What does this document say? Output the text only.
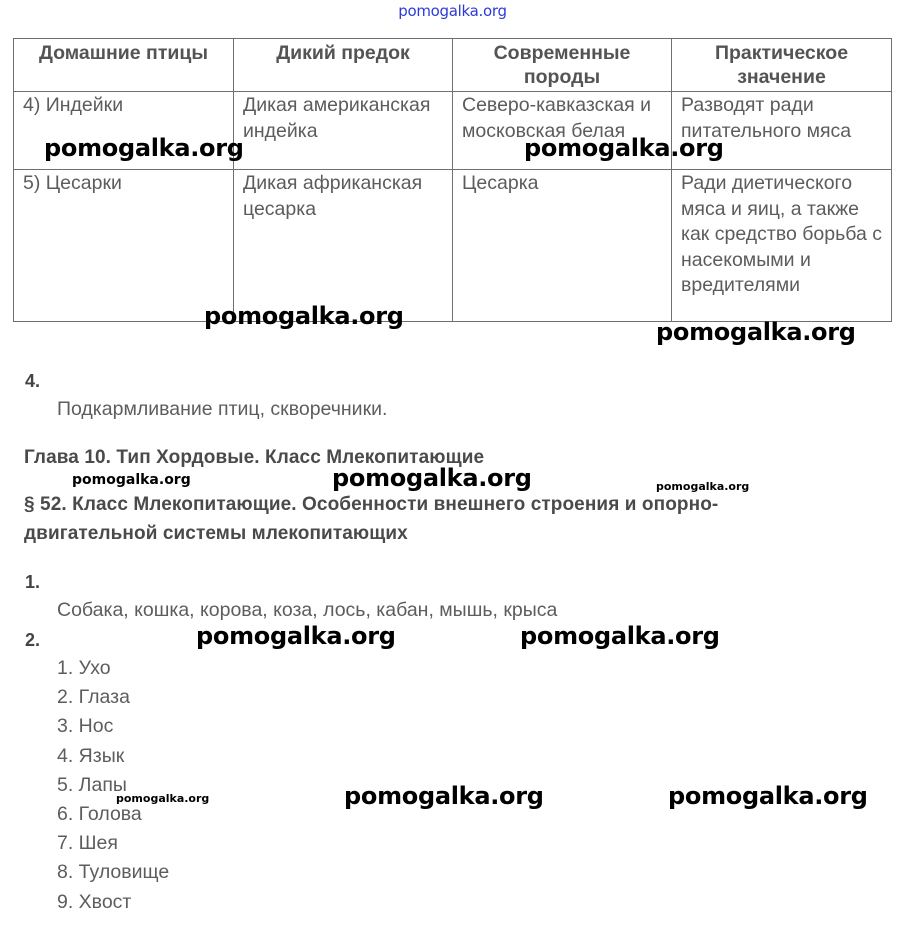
pomogalka.org
Домашние птицы	Дикий предок	Современные породы	Практическое значение
4) Индейки	Дикая американская индейка	Северо-кавказская и московская белая	Разводят ради питательного мяса
5) Цесарки	Дикая африканская цесарка	Цесарка	Ради диетического мяса и яиц, а также как средство борьба с насекомыми и вредителями
4.
Подкармливание птиц, скворечники.
Глава 10. Тип Хордовые. Класс Млекопитающие
§ 52. Класс Млекопитающие. Особенности внешнего строения и опорно-
двигательной системы млекопитающих
1.
Собака, кошка, корова, коза, лось, кабан, мышь, крыса
2.
1. Ухо
2. Глаза
3. Нос
4. Язык
5. Лапы
6. Голова
7. Шея
8. Туловище
9. Хвост
pomogalka.org	pomogalka.org
pomogalka.org
pomogalka.org
pomogalka.org
pomogalka.org	pomogalka.org
pomogalka.org	pomogalka.org
pomogalka.org	pomogalka.org	pomogalka.org
